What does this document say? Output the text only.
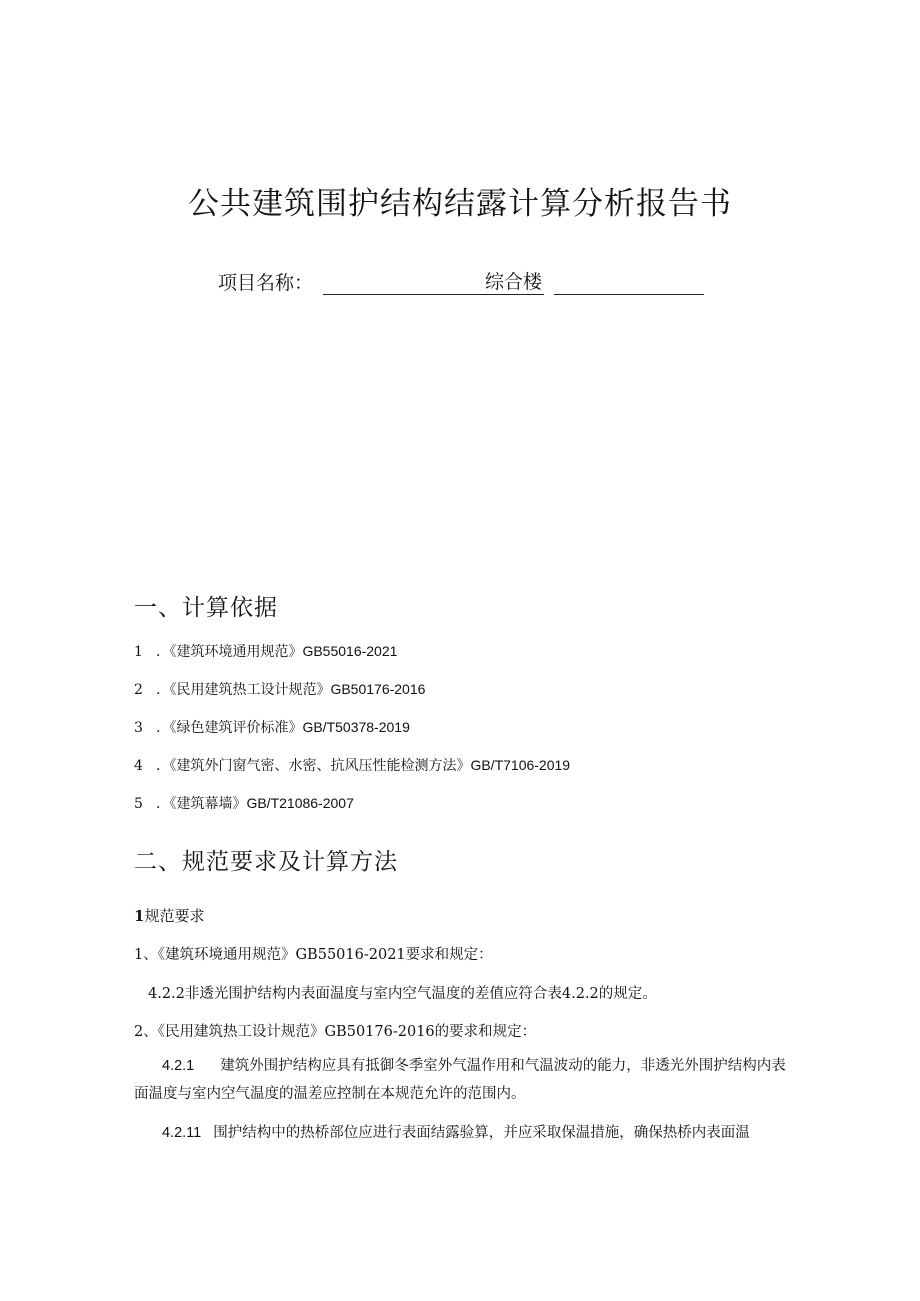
公共建筑围护结构结露计算分析报告书
项目名称：	综合楼
一、计算依据
1 . 《建筑环境通用规范》GB55016-2021
2 . 《民用建筑热工设计规范》GB50176-2016
3 . 《绿色建筑评价标准》GB/T50378-2019
4 . 《建筑外门窗气密、水密、抗风压性能检测方法》GB/T7106-2019
5 . 《建筑幕墙》GB/T21086-2007
二、规范要求及计算方法
1规范要求
1、《建筑环境通用规范》GB55016-2021要求和规定：
4.2.2非透光围护结构内表面温度与室内空气温度的差值应符合表4.2.2的规定。
2、《民用建筑热工设计规范》GB50176-2016的要求和规定：
4.2.1 建筑外围护结构应具有抵御冬季室外气温作用和气温波动的能力，非透光外围护结构内表面温度与室内空气温度的温差应控制在本规范允许的范围内。
4.2.11 围护结构中的热桥部位应进行表面结露验算，并应采取保温措施，确保热桥内表面温
